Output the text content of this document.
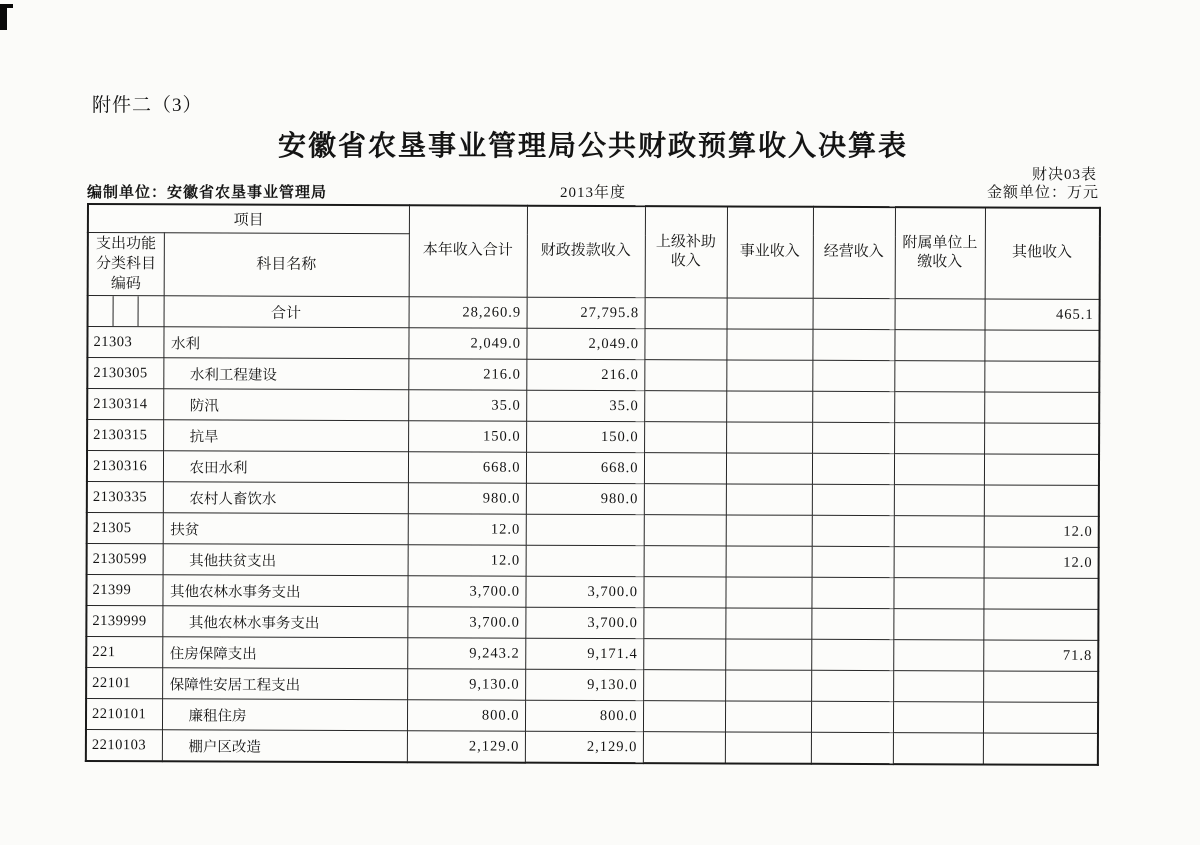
附件二（3）
安徽省农垦事业管理局公共财政预算收入决算表
财决03表
编制单位：安徽省农垦事业管理局	2013年度	金额单位：万元
项目		本年收入合计	财政拨款收入	上级补助收入	事业收入	经营收入	附属单位上缴收入	其他收入
支出功能
分类科目
编码	科目名称							
	合计	28,260.9	27,795.8					465.1
21303	水利	2,049.0	2,049.0					
2130305	水利工程建设	216.0	216.0					
2130314	防汛	35.0	35.0					
2130315	抗旱	150.0	150.0					
2130316	农田水利	668.0	668.0					
2130335	农村人畜饮水	980.0	980.0					
21305	扶贫	12.0						12.0
2130599	其他扶贫支出	12.0						12.0
21399	其他农林水事务支出	3,700.0	3,700.0					
2139999	其他农林水事务支出	3,700.0	3,700.0					
221	住房保障支出	9,243.2	9,171.4					71.8
22101	保障性安居工程支出	9,130.0	9,130.0					
2210101	廉租住房	800.0	800.0					
2210103	棚户区改造	2,129.0	2,129.0					
